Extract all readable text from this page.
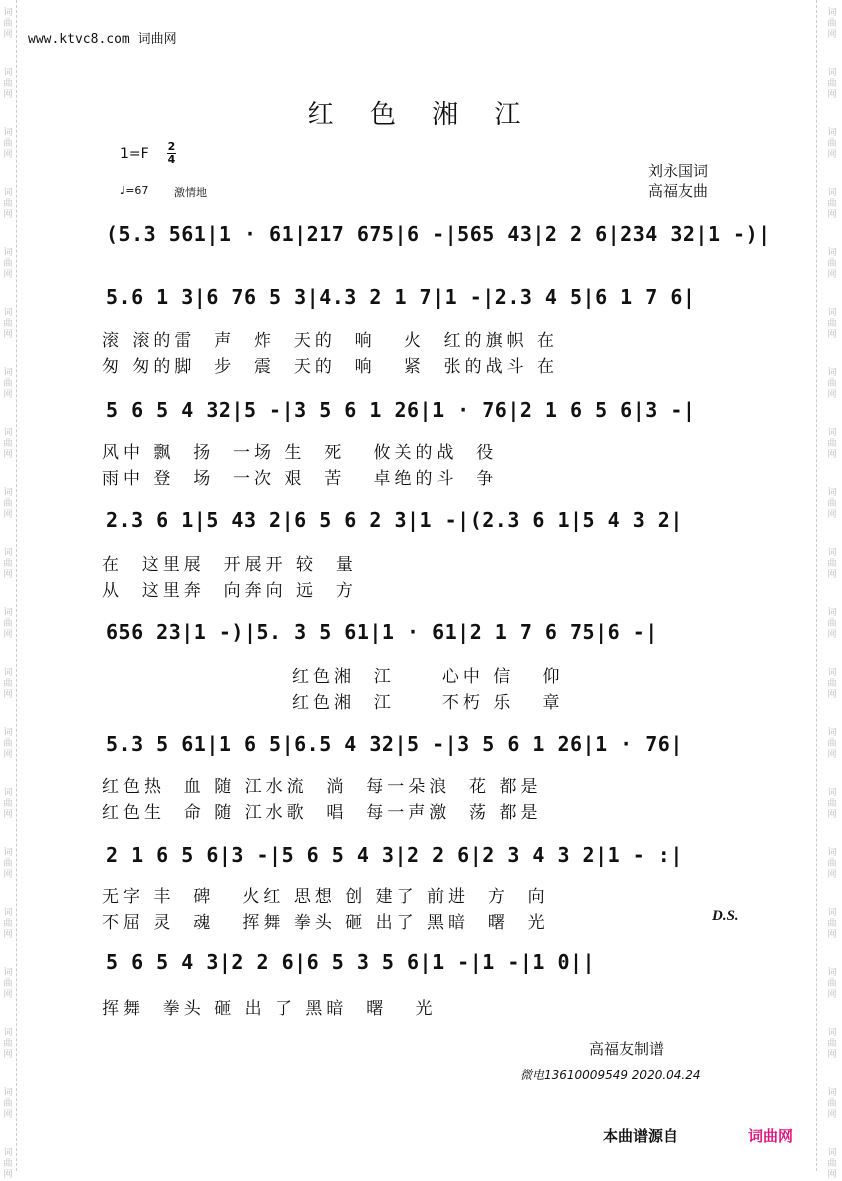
词
曲
网
词
曲
网
词
曲
网
词
曲
网
词
曲
网
词
曲
网
词
曲
网
词
曲
网
词
曲
网
词
曲
网
词
曲
网
词
曲
网
词
曲
网
词
曲
网
词
曲
网
词
曲
网
词
曲
网
词
曲
网
词
曲
网
词
曲
网
词
曲
网
词
曲
网
词
曲
网
词
曲
网
词
曲
网
词
曲
网
词
曲
网
词
曲
网
词
曲
网
词
曲
网
词
曲
网
词
曲
网
词
曲
网
词
曲
网
词
曲
网
词
曲
网
词
曲
网
词
曲
网
词
曲
网
词
曲
网
www.ktvc8.com 词曲网
红 色 湘 江
1=F 2
4
♩=67 激情地
刘永国词
高福友曲
(5.3 561|1 · 61|217 675|6 -|565 43|2 2 6|234 32|1 -)|
5.6 1 3|6 76 5 3|4.3 2 1 7|1 -|2.3 4 5|6 1 7 6|
滚 滚的雷  声  炸  天的  响   火  红的旗帜 在
匆 匆的脚  步  震  天的  响   紧  张的战斗 在
5 6 5 4 32|5 -|3 5 6 1 26|1 · 76|2 1 6 5 6|3 -|
风中 飘  扬  一场 生  死   攸关的战  役
雨中 登  场  一次 艰  苦   卓绝的斗  争
2.3 6 1|5 43 2|6 5 6 2 3|1 -|(2.3 6 1|5 4 3 2|
在  这里展  开展开 较  量
从  这里奔  向奔向 远  方
656 23|1 -)|5. 3 5 61|1 · 61|2 1 7 6 75|6 -|
红色湘  江     心中 信   仰
红色湘  江     不朽 乐   章
5.3 5 61|1 6 5|6.5 4 32|5 -|3 5 6 1 26|1 · 76|
红色热  血 随 江水流  淌  每一朵浪  花 都是
红色生  命 随 江水歌  唱  每一声激  荡 都是
2 1 6 5 6|3 -|5 6 5 4 3|2 2 6|2 3 4 3 2|1 - :|
无字 丰  碑   火红 思想 创 建了 前进  方  向
不屈 灵  魂   挥舞 拳头 砸 出了 黑暗  曙  光
5 6 5 4 3|2 2 6|6 5 3 5 6|1 -|1 -|1 0||
挥舞  拳头 砸 出 了 黑暗  曙   光
D.S.
高福友制谱
微电13610009549 2020.04.24
本曲谱源自	词曲网
